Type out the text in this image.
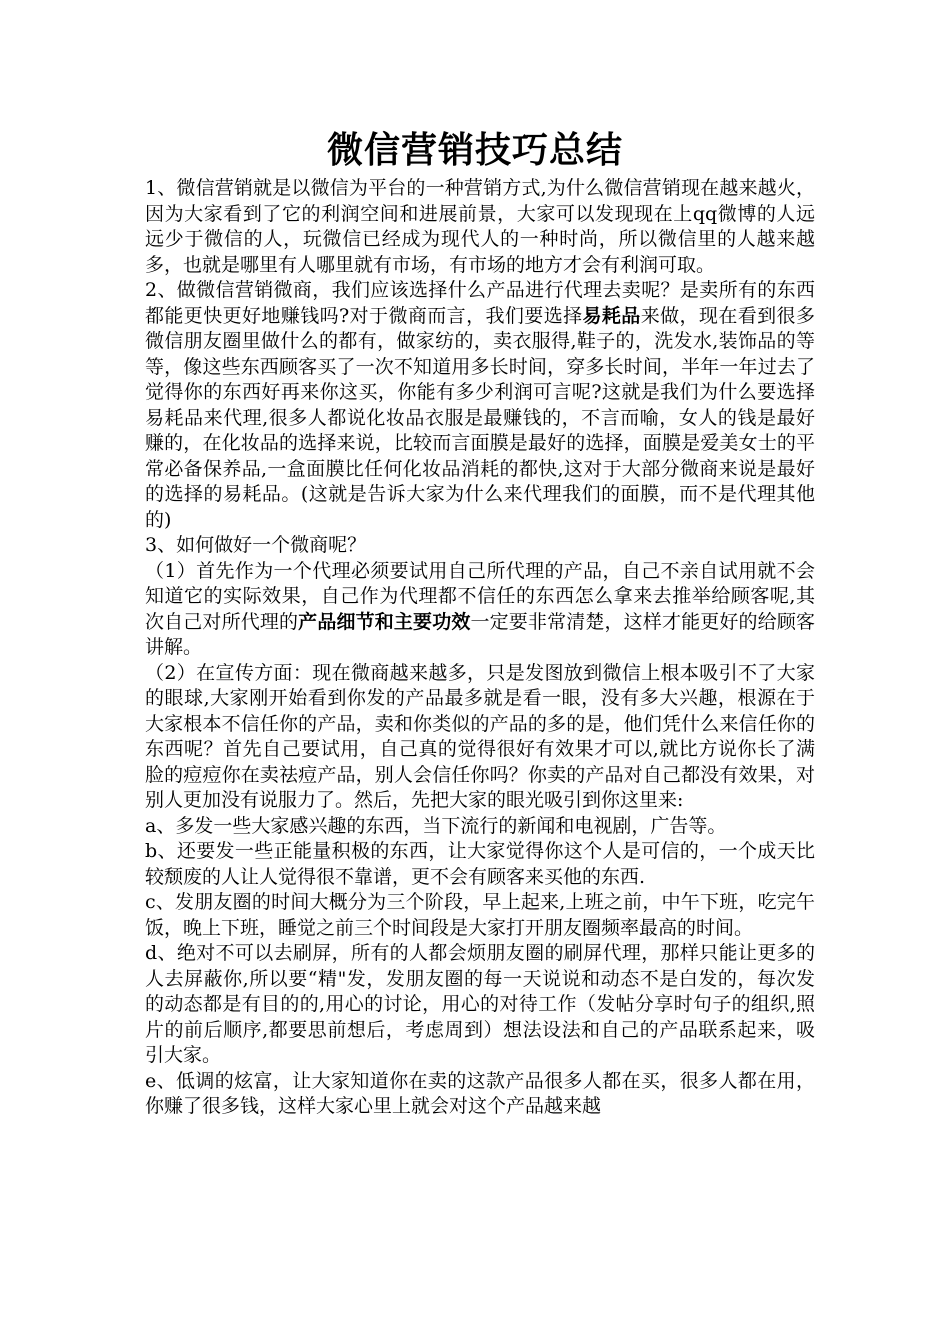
微信营销技巧总结

1、微信营销就是以微信为平台的一种营销方式,为什么微信营销现在越来越火，因为大家看到了它的利润空间和进展前景，大家可以发现现在上qq微博的人远远少于微信的人，玩微信已经成为现代人的一种时尚，所以微信里的人越来越多，也就是哪里有人哪里就有市场，有市场的地方才会有利润可取。

2、做微信营销微商，我们应该选择什么产品进行代理去卖呢？是卖所有的东西都能更快更好地赚钱吗?对于微商而言，我们要选择易耗品来做，现在看到很多微信朋友圈里做什么的都有，做家纺的，卖衣服得,鞋子的，洗发水,装饰品的等等，像这些东西顾客买了一次不知道用多长时间，穿多长时间，半年一年过去了觉得你的东西好再来你这买，你能有多少利润可言呢?这就是我们为什么要选择易耗品来代理,很多人都说化妆品衣服是最赚钱的，不言而喻，女人的钱是最好赚的，在化妆品的选择来说，比较而言面膜是最好的选择，面膜是爱美女士的平常必备保养品,一盒面膜比任何化妆品消耗的都快,这对于大部分微商来说是最好的选择的易耗品。(这就是告诉大家为什么来代理我们的面膜，而不是代理其他的)

3、如何做好一个微商呢？

（1）首先作为一个代理必须要试用自己所代理的产品，自己不亲自试用就不会知道它的实际效果，自己作为代理都不信任的东西怎么拿来去推举给顾客呢,其次自己对所代理的产品细节和主要功效一定要非常清楚，这样才能更好的给顾客讲解。

（2）在宣传方面：现在微商越来越多，只是发图放到微信上根本吸引不了大家的眼球,大家刚开始看到你发的产品最多就是看一眼，没有多大兴趣，根源在于大家根本不信任你的产品，卖和你类似的产品的多的是，他们凭什么来信任你的东西呢？首先自己要试用，自己真的觉得很好有效果才可以,就比方说你长了满脸的痘痘你在卖祛痘产品，别人会信任你吗？你卖的产品对自己都没有效果，对别人更加没有说服力了。然后，先把大家的眼光吸引到你这里来:

a、多发一些大家感兴趣的东西，当下流行的新闻和电视剧，广告等。

b、还要发一些正能量积极的东西，让大家觉得你这个人是可信的，一个成天比较颓废的人让人觉得很不靠谱，更不会有顾客来买他的东西.

c、发朋友圈的时间大概分为三个阶段，早上起来,上班之前，中午下班，吃完午饭，晚上下班，睡觉之前三个时间段是大家打开朋友圈频率最高的时间。

d、绝对不可以去刷屏，所有的人都会烦朋友圈的刷屏代理，那样只能让更多的人去屏蔽你,所以要“精"发，发朋友圈的每一天说说和动态不是白发的，每次发的动态都是有目的的,用心的讨论，用心的对待工作（发帖分享时句子的组织,照片的前后顺序,都要思前想后，考虑周到）想法设法和自己的产品联系起来，吸引大家。

e、低调的炫富，让大家知道你在卖的这款产品很多人都在买，很多人都在用，你赚了很多钱，这样大家心里上就会对这个产品越来越
